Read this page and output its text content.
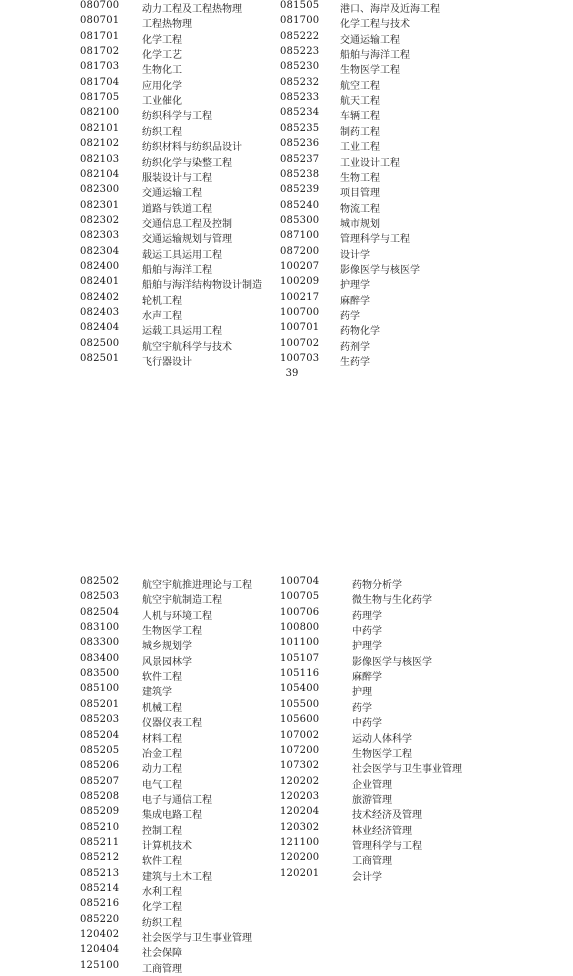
080700	动力工程及工程热物理
080701	工程热物理
081701	化学工程
081702	化学工艺
081703	生物化工
081704	应用化学
081705	工业催化
082100	纺织科学与工程
082101	纺织工程
082102	纺织材料与纺织品设计
082103	纺织化学与染整工程
082104	服装设计与工程
082300	交通运输工程
082301	道路与铁道工程
082302	交通信息工程及控制
082303	交通运输规划与管理
082304	载运工具运用工程
082400	船舶与海洋工程
082401	船舶与海洋结构物设计制造
082402	轮机工程
082403	水声工程
082404	运载工具运用工程
082500	航空宇航科学与技术
082501	飞行器设计
081505	港口、海岸及近海工程
081700	化学工程与技术
085222	交通运输工程
085223	船舶与海洋工程
085230	生物医学工程
085232	航空工程
085233	航天工程
085234	车辆工程
085235	制药工程
085236	工业工程
085237	工业设计工程
085238	生物工程
085239	项目管理
085240	物流工程
085300	城市规划
087100	管理科学与工程
087200	设计学
100207	影像医学与核医学
100209	护理学
100217	麻醉学
100700	药学
100701	药物化学
100702	药剂学
100703	生药学
39
082502	航空宇航推进理论与工程
082503	航空宇航制造工程
082504	人机与环境工程
083100	生物医学工程
083300	城乡规划学
083400	风景园林学
083500	软件工程
085100	建筑学
085201	机械工程
085203	仪器仪表工程
085204	材料工程
085205	冶金工程
085206	动力工程
085207	电气工程
085208	电子与通信工程
085209	集成电路工程
085210	控制工程
085211	计算机技术
085212	软件工程
085213	建筑与土木工程
085214	水利工程
085216	化学工程
085220	纺织工程
120402	社会医学与卫生事业管理
120404	社会保障
125100	工商管理
100704	药物分析学
100705	微生物与生化药学
100706	药理学
100800	中药学
101100	护理学
105107	影像医学与核医学
105116	麻醉学
105400	护理
105500	药学
105600	中药学
107002	运动人体科学
107200	生物医学工程
107302	社会医学与卫生事业管理
120202	企业管理
120203	旅游管理
120204	技术经济及管理
120302	林业经济管理
121100	管理科学与工程
120200	工商管理
120201	会计学
